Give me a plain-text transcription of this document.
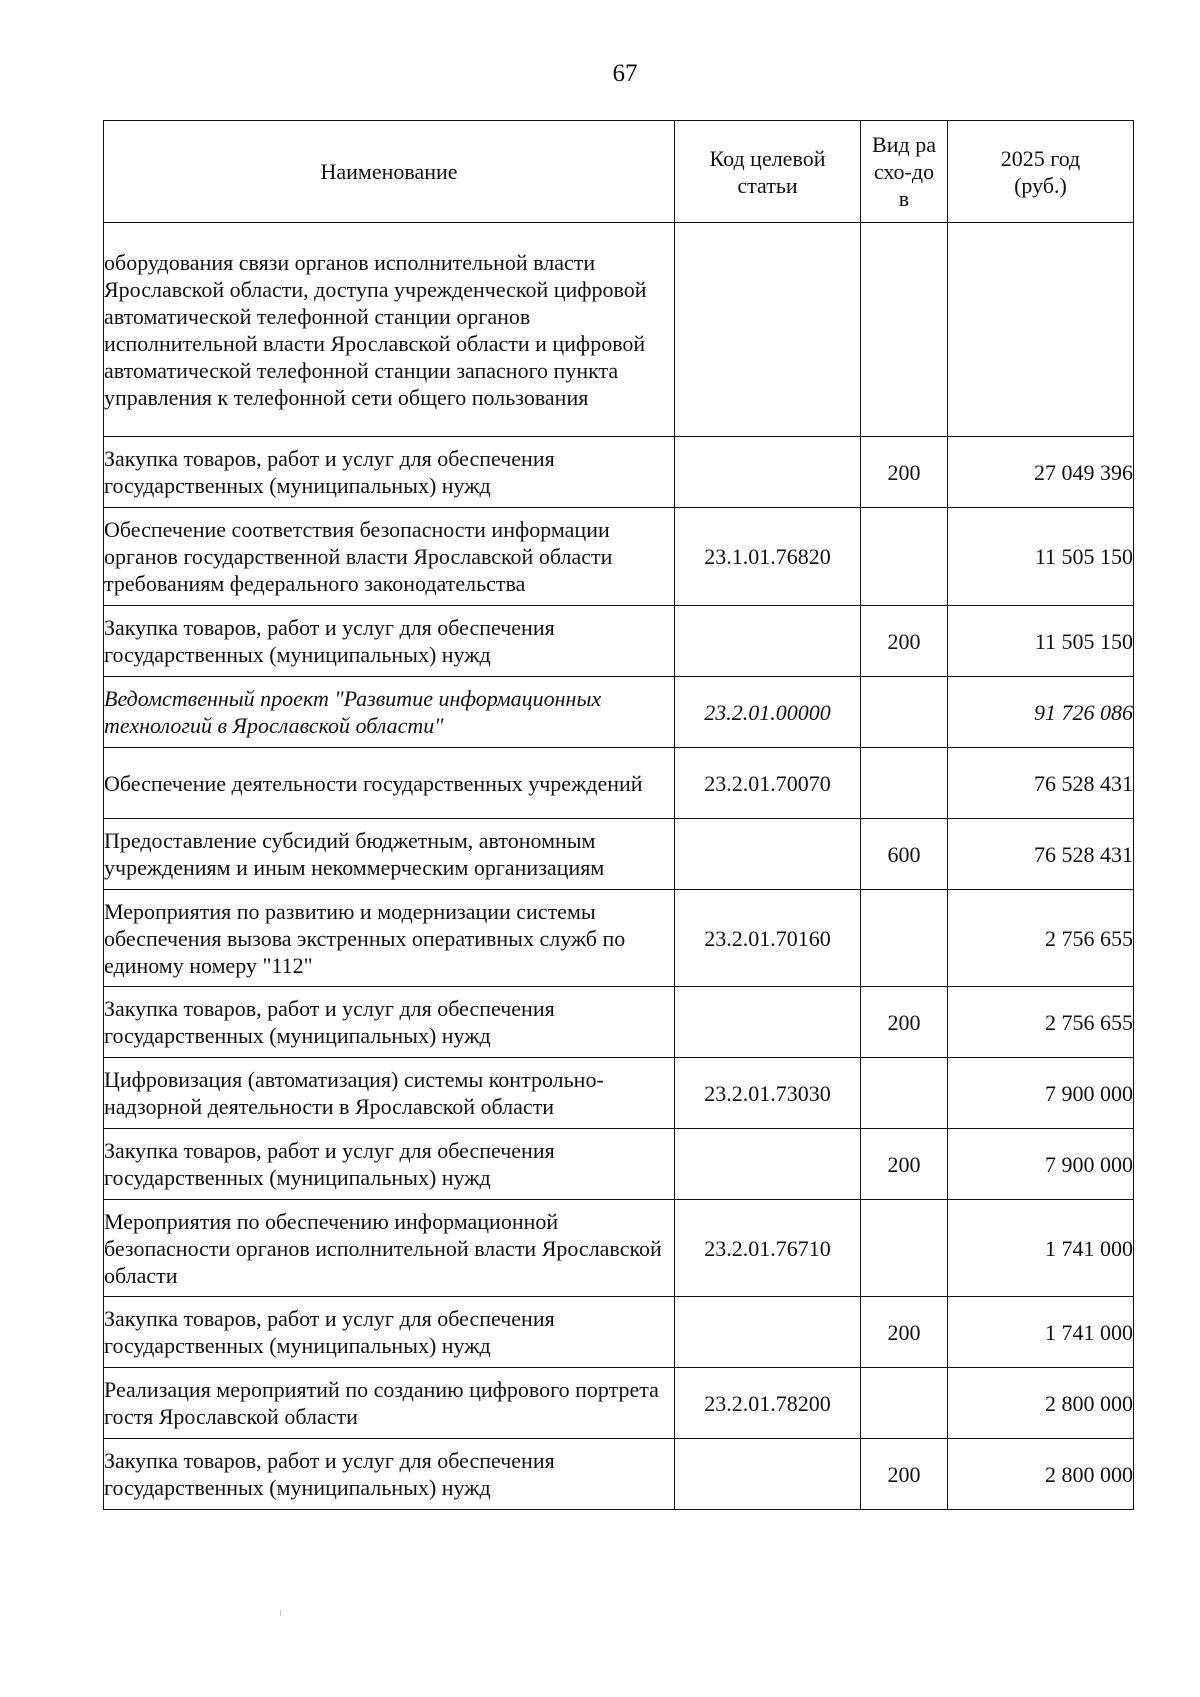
67
Наименование	Код целевой статьи	Вид расхо-дов	2025 год (руб.)

оборудования связи органов исполнительной власти Ярославской области, доступа учрежденческой цифровой автоматической телефонной станции органов исполнительной власти Ярославской области и цифровой автоматической телефонной станции запасного пункта управления к телефонной сети общего пользования			
Закупка товаров, работ и услуг для обеспечения государственных (муниципальных) нужд		200	27 049 396
Обеспечение соответствия безопасности информации органов государственной власти Ярославской области требованиям федерального законодательства	23.1.01.76820		11 505 150
Закупка товаров, работ и услуг для обеспечения государственных (муниципальных) нужд		200	11 505 150
Ведомственный проект "Развитие информационных технологий в Ярославской области"	23.2.01.00000		91 726 086
Обеспечение деятельности государственных учреждений	23.2.01.70070		76 528 431
Предоставление субсидий бюджетным, автономным учреждениям и иным некоммерческим организациям		600	76 528 431
Мероприятия по развитию и модернизации системы обеспечения вызова экстренных оперативных служб по единому номеру "112"	23.2.01.70160		2 756 655
Закупка товаров, работ и услуг для обеспечения государственных (муниципальных) нужд		200	2 756 655
Цифровизация (автоматизация) системы контрольно-надзорной деятельности в Ярославской области	23.2.01.73030		7 900 000
Закупка товаров, работ и услуг для обеспечения государственных (муниципальных) нужд		200	7 900 000
Мероприятия по обеспечению информационной безопасности органов исполнительной власти Ярославской области	23.2.01.76710		1 741 000
Закупка товаров, работ и услуг для обеспечения государственных (муниципальных) нужд		200	1 741 000
Реализация мероприятий по созданию цифрового портрета гостя Ярославской области	23.2.01.78200		2 800 000
Закупка товаров, работ и услуг для обеспечения государственных (муниципальных) нужд		200	2 800 000
